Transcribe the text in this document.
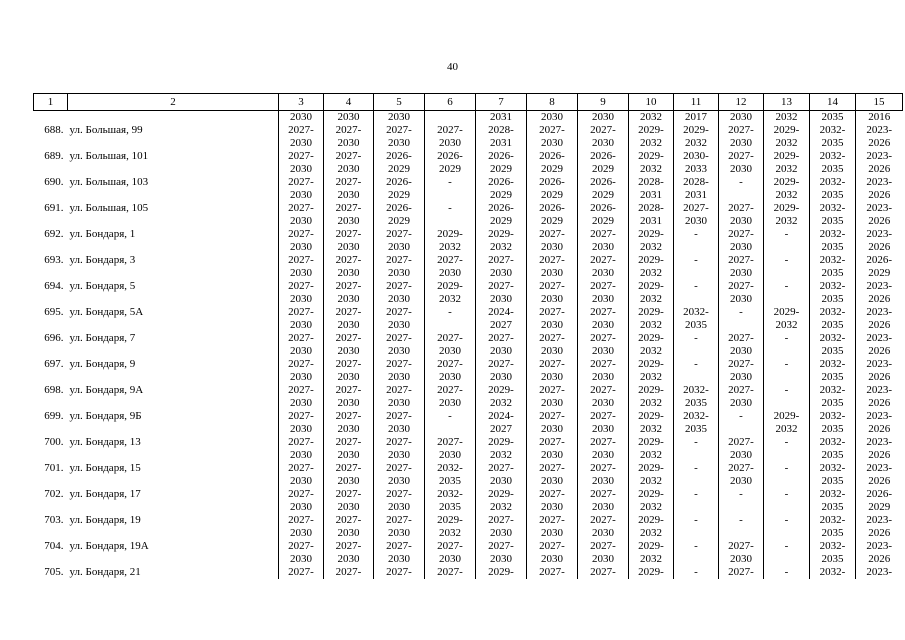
40
1	2	3	4	5	6	7	8	9	10	11	12	13	14	15
		2030	2030	2030		2031	2030	2030	2032	2017	2030	2032	2035	2016
688.	ул. Большая, 99	2027-	2027-	2027-	2027-	2028-	2027-	2027-	2029-	2029-	2027-	2029-	2032-	2023-
		2030	2030	2030	2030	2031	2030	2030	2032	2032	2030	2032	2035	2026
689.	ул. Большая, 101	2027-	2027-	2026-	2026-	2026-	2026-	2026-	2029-	2030-	2027-	2029-	2032-	2023-
		2030	2030	2029	2029	2029	2029	2029	2032	2033	2030	2032	2035	2026
690.	ул. Большая, 103	2027-	2027-	2026-	-	2026-	2026-	2026-	2028-	2028-	-	2029-	2032-	2023-
		2030	2030	2029		2029	2029	2029	2031	2031		2032	2035	2026
691.	ул. Большая, 105	2027-	2027-	2026-	-	2026-	2026-	2026-	2028-	2027-	2027-	2029-	2032-	2023-
		2030	2030	2029		2029	2029	2029	2031	2030	2030	2032	2035	2026
692.	ул. Бондаря, 1	2027-	2027-	2027-	2029-	2029-	2027-	2027-	2029-	-	2027-	-	2032-	2023-
		2030	2030	2030	2032	2032	2030	2030	2032		2030		2035	2026
693.	ул. Бондаря, 3	2027-	2027-	2027-	2027-	2027-	2027-	2027-	2029-	-	2027-	-	2032-	2026-
		2030	2030	2030	2030	2030	2030	2030	2032		2030		2035	2029
694.	ул. Бондаря, 5	2027-	2027-	2027-	2029-	2027-	2027-	2027-	2029-	-	2027-	-	2032-	2023-
		2030	2030	2030	2032	2030	2030	2030	2032		2030		2035	2026
695.	ул. Бондаря, 5А	2027-	2027-	2027-	-	2024-	2027-	2027-	2029-	2032-	-	2029-	2032-	2023-
		2030	2030	2030		2027	2030	2030	2032	2035		2032	2035	2026
696.	ул. Бондаря, 7	2027-	2027-	2027-	2027-	2027-	2027-	2027-	2029-	-	2027-	-	2032-	2023-
		2030	2030	2030	2030	2030	2030	2030	2032		2030		2035	2026
697.	ул. Бондаря, 9	2027-	2027-	2027-	2027-	2027-	2027-	2027-	2029-	-	2027-	-	2032-	2023-
		2030	2030	2030	2030	2030	2030	2030	2032		2030		2035	2026
698.	ул. Бондаря, 9А	2027-	2027-	2027-	2027-	2029-	2027-	2027-	2029-	2032-	2027-	-	2032-	2023-
		2030	2030	2030	2030	2032	2030	2030	2032	2035	2030		2035	2026
699.	ул. Бондаря, 9Б	2027-	2027-	2027-	-	2024-	2027-	2027-	2029-	2032-	-	2029-	2032-	2023-
		2030	2030	2030		2027	2030	2030	2032	2035		2032	2035	2026
700.	ул. Бондаря, 13	2027-	2027-	2027-	2027-	2029-	2027-	2027-	2029-	-	2027-	-	2032-	2023-
		2030	2030	2030	2030	2032	2030	2030	2032		2030		2035	2026
701.	ул. Бондаря, 15	2027-	2027-	2027-	2032-	2027-	2027-	2027-	2029-	-	2027-	-	2032-	2023-
		2030	2030	2030	2035	2030	2030	2030	2032		2030		2035	2026
702.	ул. Бондаря, 17	2027-	2027-	2027-	2032-	2029-	2027-	2027-	2029-	-	-	-	2032-	2026-
		2030	2030	2030	2035	2032	2030	2030	2032				2035	2029
703.	ул. Бондаря, 19	2027-	2027-	2027-	2029-	2027-	2027-	2027-	2029-	-	-	-	2032-	2023-
		2030	2030	2030	2032	2030	2030	2030	2032				2035	2026
704.	ул. Бондаря, 19А	2027-	2027-	2027-	2027-	2027-	2027-	2027-	2029-	-	2027-	-	2032-	2023-
		2030	2030	2030	2030	2030	2030	2030	2032		2030		2035	2026
705.	ул. Бондаря, 21	2027-	2027-	2027-	2027-	2029-	2027-	2027-	2029-	-	2027-	-	2032-	2023-
